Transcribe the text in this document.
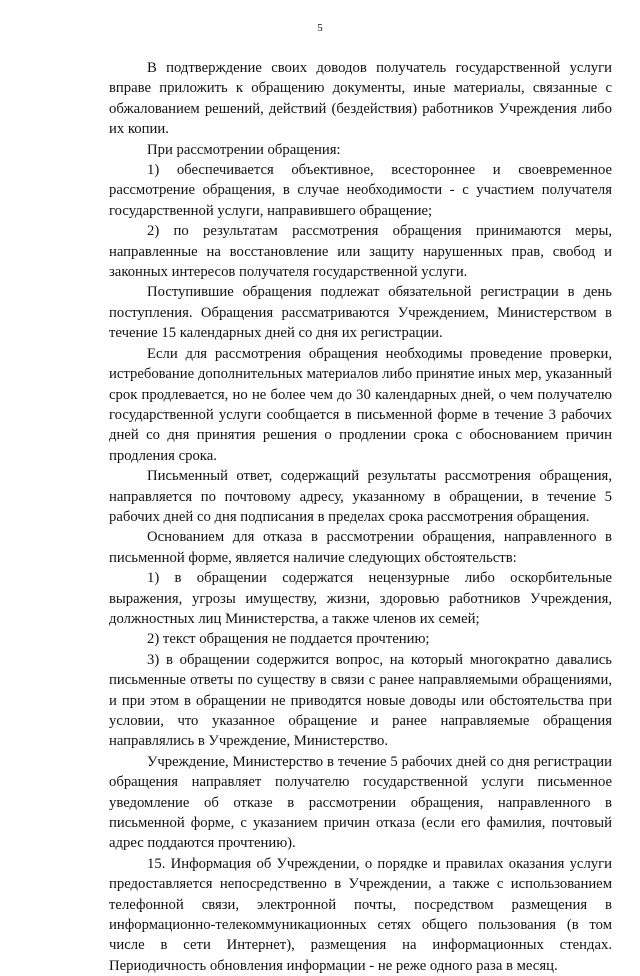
5

В подтверждение своих доводов получатель государственной услуги вправе приложить к обращению документы, иные материалы, связанные с обжалованием решений, действий (бездействия) работников Учреждения либо их копии.

При рассмотрении обращения:

1) обеспечивается объективное, всестороннее и своевременное рассмотрение обращения, в случае необходимости - с участием получателя государственной услуги, направившего обращение;

2) по результатам рассмотрения обращения принимаются меры, направленные на восстановление или защиту нарушенных прав, свобод и законных интересов получателя государственной услуги.

Поступившие обращения подлежат обязательной регистрации в день поступления. Обращения рассматриваются Учреждением, Министерством в течение 15 календарных дней со дня их регистрации.

Если для рассмотрения обращения необходимы проведение проверки, истребование дополнительных материалов либо принятие иных мер, указанный срок продлевается, но не более чем до 30 календарных дней, о чем получателю государственной услуги сообщается в письменной форме в течение 3 рабочих дней со дня принятия решения о продлении срока с обоснованием причин продления срока.

Письменный ответ, содержащий результаты рассмотрения обращения, направляется по почтовому адресу, указанному в обращении, в течение 5 рабочих дней со дня подписания в пределах срока рассмотрения обращения.

Основанием для отказа в рассмотрении обращения, направленного в письменной форме, является наличие следующих обстоятельств:

1) в обращении содержатся нецензурные либо оскорбительные выражения, угрозы имуществу, жизни, здоровью работников Учреждения, должностных лиц Министерства, а также членов их семей;

2) текст обращения не поддается прочтению;

3) в обращении содержится вопрос, на который многократно давались письменные ответы по существу в связи с ранее направляемыми обращениями, и при этом в обращении не приводятся новые доводы или обстоятельства при условии, что указанное обращение и ранее направляемые обращения направлялись в Учреждение, Министерство.

Учреждение, Министерство в течение 5 рабочих дней со дня регистрации обращения направляет получателю государственной услуги письменное уведомление об отказе в рассмотрении обращения, направленного в письменной форме, с указанием причин отказа (если его фамилия, почтовый адрес поддаются прочтению).

15. Информация об Учреждении, о порядке и правилах оказания услуги предоставляется непосредственно в Учреждении, а также с использованием телефонной связи, электронной почты, посредством размещения в информационно-телекоммуникационных сетях общего пользования (в том числе в сети Интернет), размещения на информационных стендах. Периодичность обновления информации - не реже одного раза в месяц.
